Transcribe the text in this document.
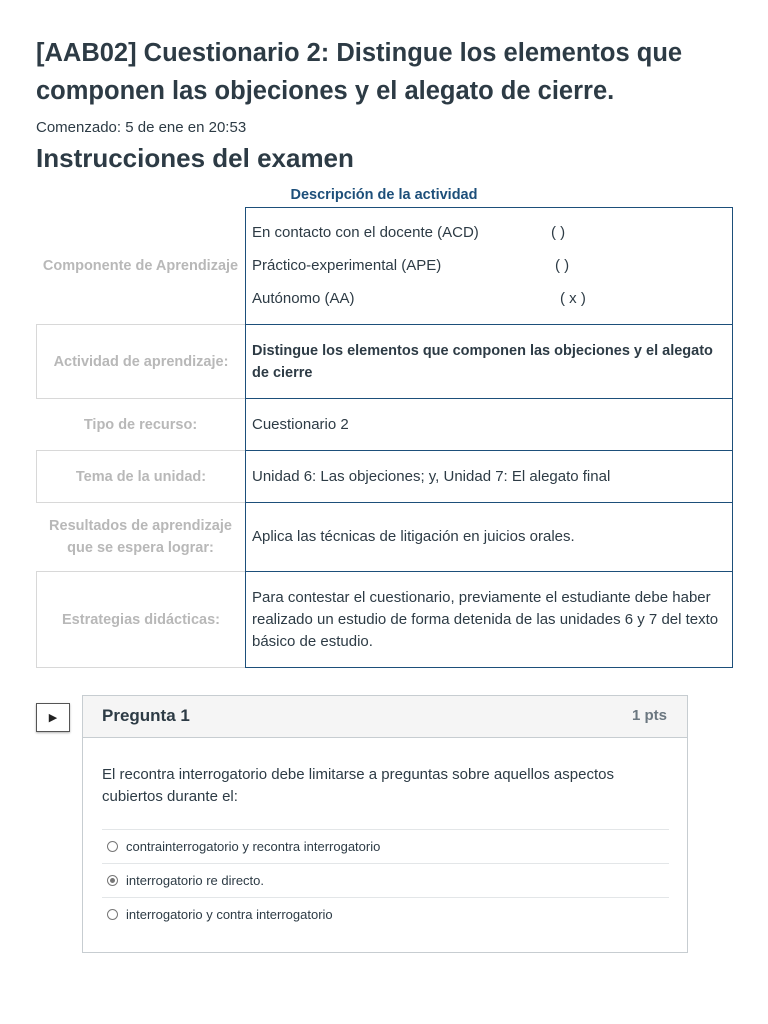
[AAB02] Cuestionario 2: Distingue los elementos que componen las objeciones y el alegato de cierre.
Comenzado: 5 de ene en 20:53
Instrucciones del examen
Descripción de la actividad
Componente de Aprendizaje
En contacto con el docente (ACD)	( )
Práctico-experimental (APE)	( )
Autónomo (AA)	( x )
Actividad de aprendizaje:
Distingue los elementos que componen las objeciones y el alegato de cierre
Tipo de recurso:	Cuestionario 2
Tema de la unidad:	Unidad 6: Las objeciones; y, Unidad 7: El alegato final
Resultados de aprendizaje que se espera lograr:
Aplica las técnicas de litigación en juicios orales.
Estrategias didácticas:
Para contestar el cuestionario, previamente el estudiante debe haber realizado un estudio de forma detenida de las unidades 6 y 7 del texto básico de estudio.
▶	Pregunta 1	1 pts
El recontra interrogatorio debe limitarse a preguntas sobre aquellos aspectos cubiertos durante el:
contrainterrogatorio y recontra interrogatorio
interrogatorio re directo.
interrogatorio y contra interrogatorio
